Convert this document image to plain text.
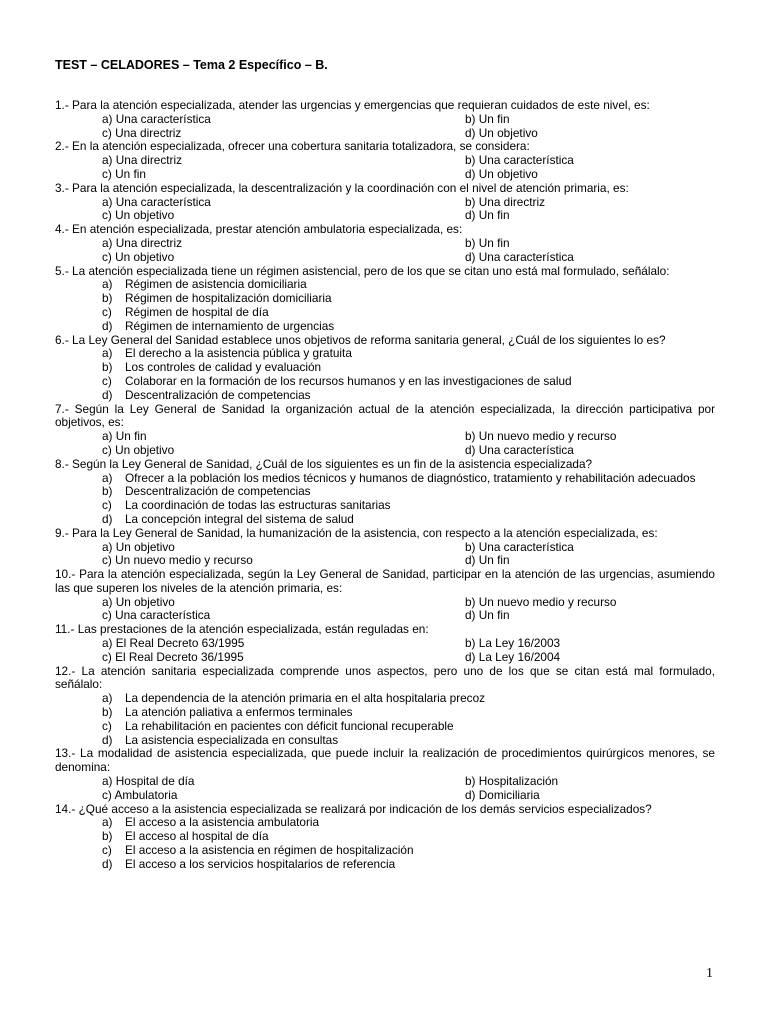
TEST – CELADORES – Tema 2 Específico – B.
1.- Para la atención especializada, atender las urgencias y emergencias que requieran cuidados de este nivel, es:
a) Una característica	b) Un fin
c) Una directriz	d) Un objetivo
2.- En la atención especializada, ofrecer una cobertura sanitaria totalizadora, se considera:
a) Una directriz	b) Una característica
c) Un fin	d) Un objetivo
3.- Para la atención especializada, la descentralización y la coordinación con el nivel de atención primaria, es:
a) Una característica	b) Una directriz
c) Un objetivo	d) Un fin
4.- En atención especializada, prestar atención ambulatoria especializada, es:
a) Una directriz	b) Un fin
c) Un objetivo	d) Una característica
5.- La atención especializada tiene un régimen asistencial, pero de los que se citan uno está mal formulado, señálalo:
a)	Régimen de asistencia domiciliaria
b)	Régimen de hospitalización domiciliaria
c)	Régimen de hospital de día
d)	Régimen de internamiento de urgencias
6.- La Ley General del Sanidad establece unos objetivos de reforma sanitaria general, ¿Cuál de los siguientes lo es?
a)	El derecho a la asistencia pública y gratuita
b)	Los controles de calidad y evaluación
c)	Colaborar en la formación de los recursos humanos y en las investigaciones de salud
d)	Descentralización de competencias
7.- Según la Ley General de Sanidad la organización actual de la atención especializada, la dirección participativa por objetivos, es:
a) Un fin	b) Un nuevo medio y recurso
c) Un objetivo	d) Una característica
8.- Según la Ley General de Sanidad, ¿Cuál de los siguientes es un fin de la asistencia especializada?
a)	Ofrecer a la población los medios técnicos y humanos de diagnóstico, tratamiento y rehabilitación adecuados
b)	Descentralización de competencias
c)	La coordinación de todas las estructuras sanitarias
d)	La concepción integral del sistema de salud
9.- Para la Ley General de Sanidad, la humanización de la asistencia, con respecto a la atención especializada, es:
a) Un objetivo	b) Una característica
c) Un nuevo medio y recurso	d) Un fin
10.- Para la atención especializada, según la Ley General de Sanidad, participar en la atención de las urgencias, asumiendo las que superen los niveles de la atención primaria, es:
a) Un objetivo	b) Un nuevo medio y recurso
c) Una característica	d) Un fin
11.- Las prestaciones de la atención especializada, están reguladas en:
a) El Real Decreto 63/1995	b) La Ley 16/2003
c) El Real Decreto 36/1995	d) La Ley 16/2004
12.- La atención sanitaria especializada comprende unos aspectos, pero uno de los que se citan está mal formulado, señálalo:
a)	La dependencia de la atención primaria en el alta hospitalaria precoz
b)	La atención paliativa a enfermos terminales
c)	La rehabilitación en pacientes con déficit funcional recuperable
d)	La asistencia especializada en consultas
13.- La modalidad de asistencia especializada, que puede incluir la realización de procedimientos quirúrgicos menores, se denomina:
a) Hospital de día	b) Hospitalización
c) Ambulatoria	d) Domiciliaria
14.- ¿Qué acceso a la asistencia especializada se realizará por indicación de los demás servicios especializados?
a)	El acceso a la asistencia ambulatoria
b)	El acceso al hospital de día
c)	El acceso a la asistencia en régimen de hospitalización
d)	El acceso a los servicios hospitalarios de referencia
1
